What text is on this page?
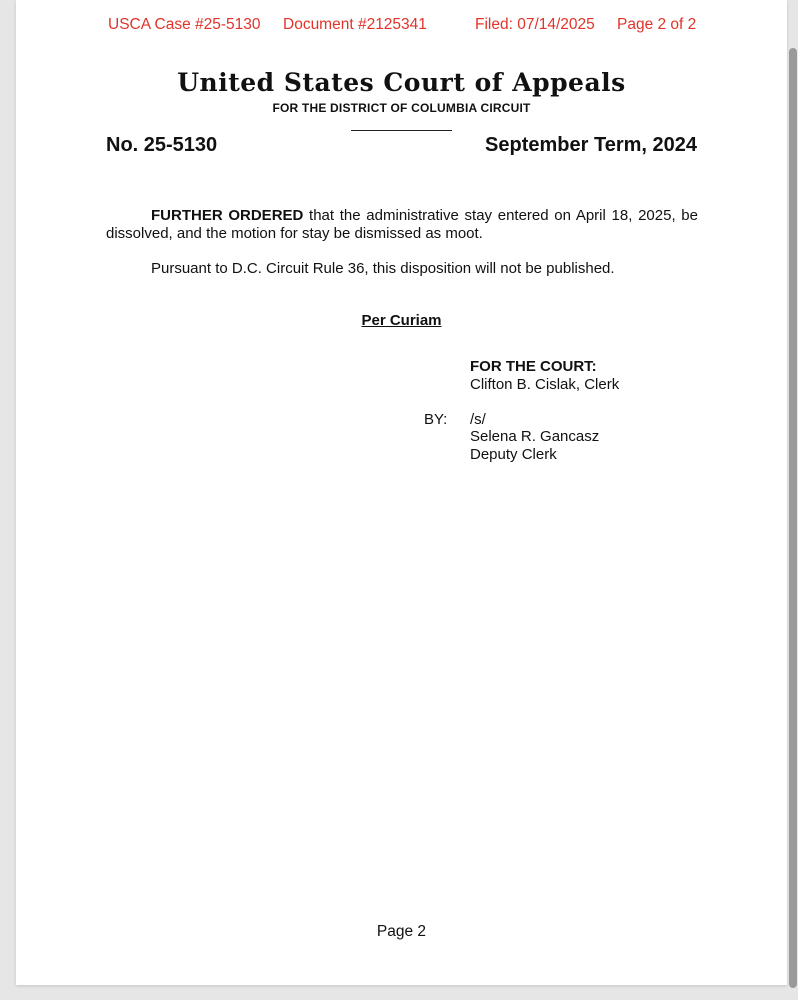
USCA Case #25-5130 Document #2125341	Filed: 07/14/2025 Page 2 of 2
United States Court of Appeals
FOR THE DISTRICT OF COLUMBIA CIRCUIT
No. 25-5130	September Term, 2024
FURTHER ORDERED that the administrative stay entered on April 18, 2025, be dissolved, and the motion for stay be dismissed as moot.
Pursuant to D.C. Circuit Rule 36, this disposition will not be published.
Per Curiam
FOR THE COURT:
Clifton B. Cislak, Clerk
BY: /s/
Selena R. Gancasz
Deputy Clerk
Page 2
